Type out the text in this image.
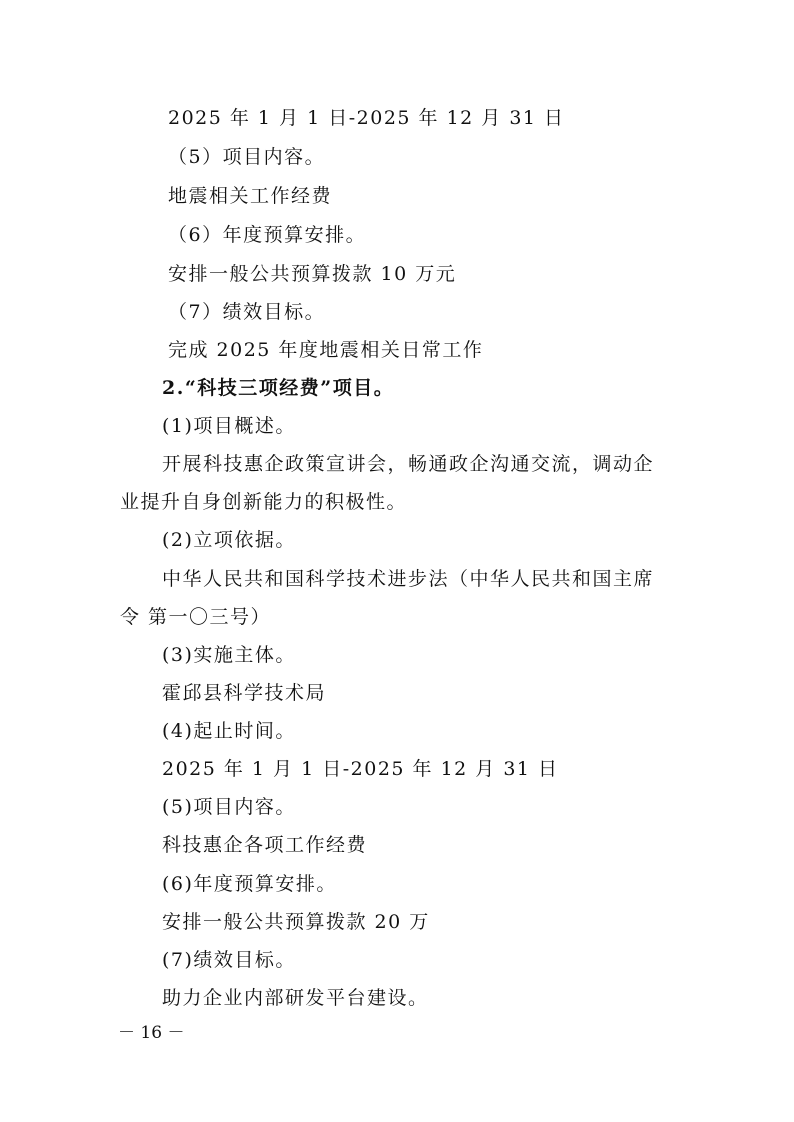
2025 年 1 月 1 日-2025 年 12 月 31 日
（5）项目内容。
地震相关工作经费
（6）年度预算安排。
安排一般公共预算拨款 10 万元
（7）绩效目标。
完成 2025 年度地震相关日常工作
2.“科技三项经费”项目。
(1)项目概述。
开展科技惠企政策宣讲会，畅通政企沟通交流，调动企
业提升自身创新能力的积极性。
(2)立项依据。
中华人民共和国科学技术进步法（中华人民共和国主席
令 第一〇三号）
(3)实施主体。
霍邱县科学技术局
(4)起止时间。
2025 年 1 月 1 日-2025 年 12 月 31 日
(5)项目内容。
科技惠企各项工作经费
(6)年度预算安排。
安排一般公共预算拨款 20 万
(7)绩效目标。
助力企业内部研发平台建设。
－ 16 －
